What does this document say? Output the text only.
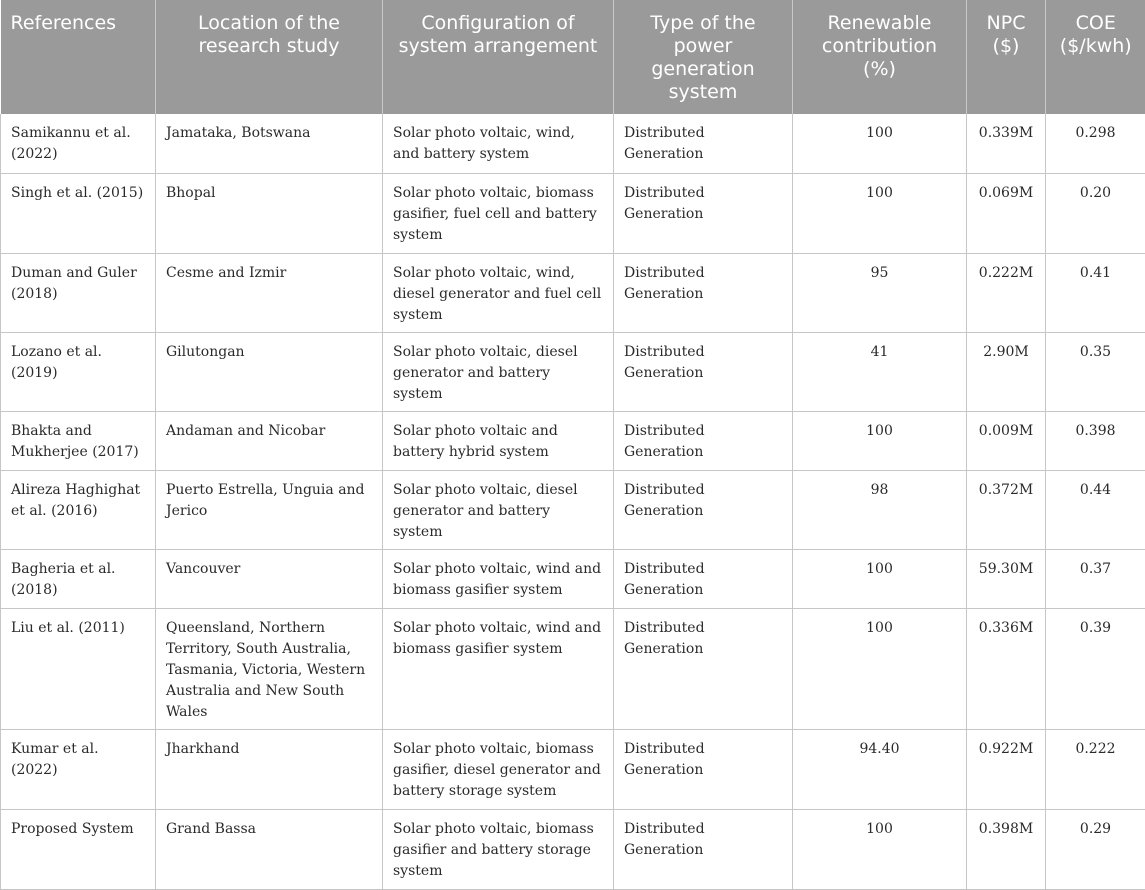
References	Location of the research study	Configuration of system arrangement	Type of the power generation system	Renewable contribution (%)	NPC ($)	COE ($/kwh)
Samikannu et al. (2022)	Jamataka, Botswana	Solar photo voltaic, wind, and battery system	Distributed Generation	100	0.339M	0.298
Singh et al. (2015)	Bhopal	Solar photo voltaic, biomass gasifier, fuel cell and battery system	Distributed Generation	100	0.069M	0.20
Duman and Guler (2018)	Cesme and Izmir	Solar photo voltaic, wind, diesel generator and fuel cell system	Distributed Generation	95	0.222M	0.41
Lozano et al. (2019)	Gilutongan	Solar photo voltaic, diesel generator and battery system	Distributed Generation	41	2.90M	0.35
Bhakta and Mukherjee (2017)	Andaman and Nicobar	Solar photo voltaic and battery hybrid system	Distributed Generation	100	0.009M	0.398
Alireza Haghighat et al. (2016)	Puerto Estrella, Unguia and Jerico	Solar photo voltaic, diesel generator and battery system	Distributed Generation	98	0.372M	0.44
Bagheria et al. (2018)	Vancouver	Solar photo voltaic, wind and biomass gasifier system	Distributed Generation	100	59.30M	0.37
Liu et al. (2011)	Queensland, Northern Territory, South Australia, Tasmania, Victoria, Western Australia and New South Wales	Solar photo voltaic, wind and biomass gasifier system	Distributed Generation	100	0.336M	0.39
Kumar et al. (2022)	Jharkhand	Solar photo voltaic, biomass gasifier, diesel generator and battery storage system	Distributed Generation	94.40	0.922M	0.222
Proposed System	Grand Bassa	Solar photo voltaic, biomass gasifier and battery storage system	Distributed Generation	100	0.398M	0.29
